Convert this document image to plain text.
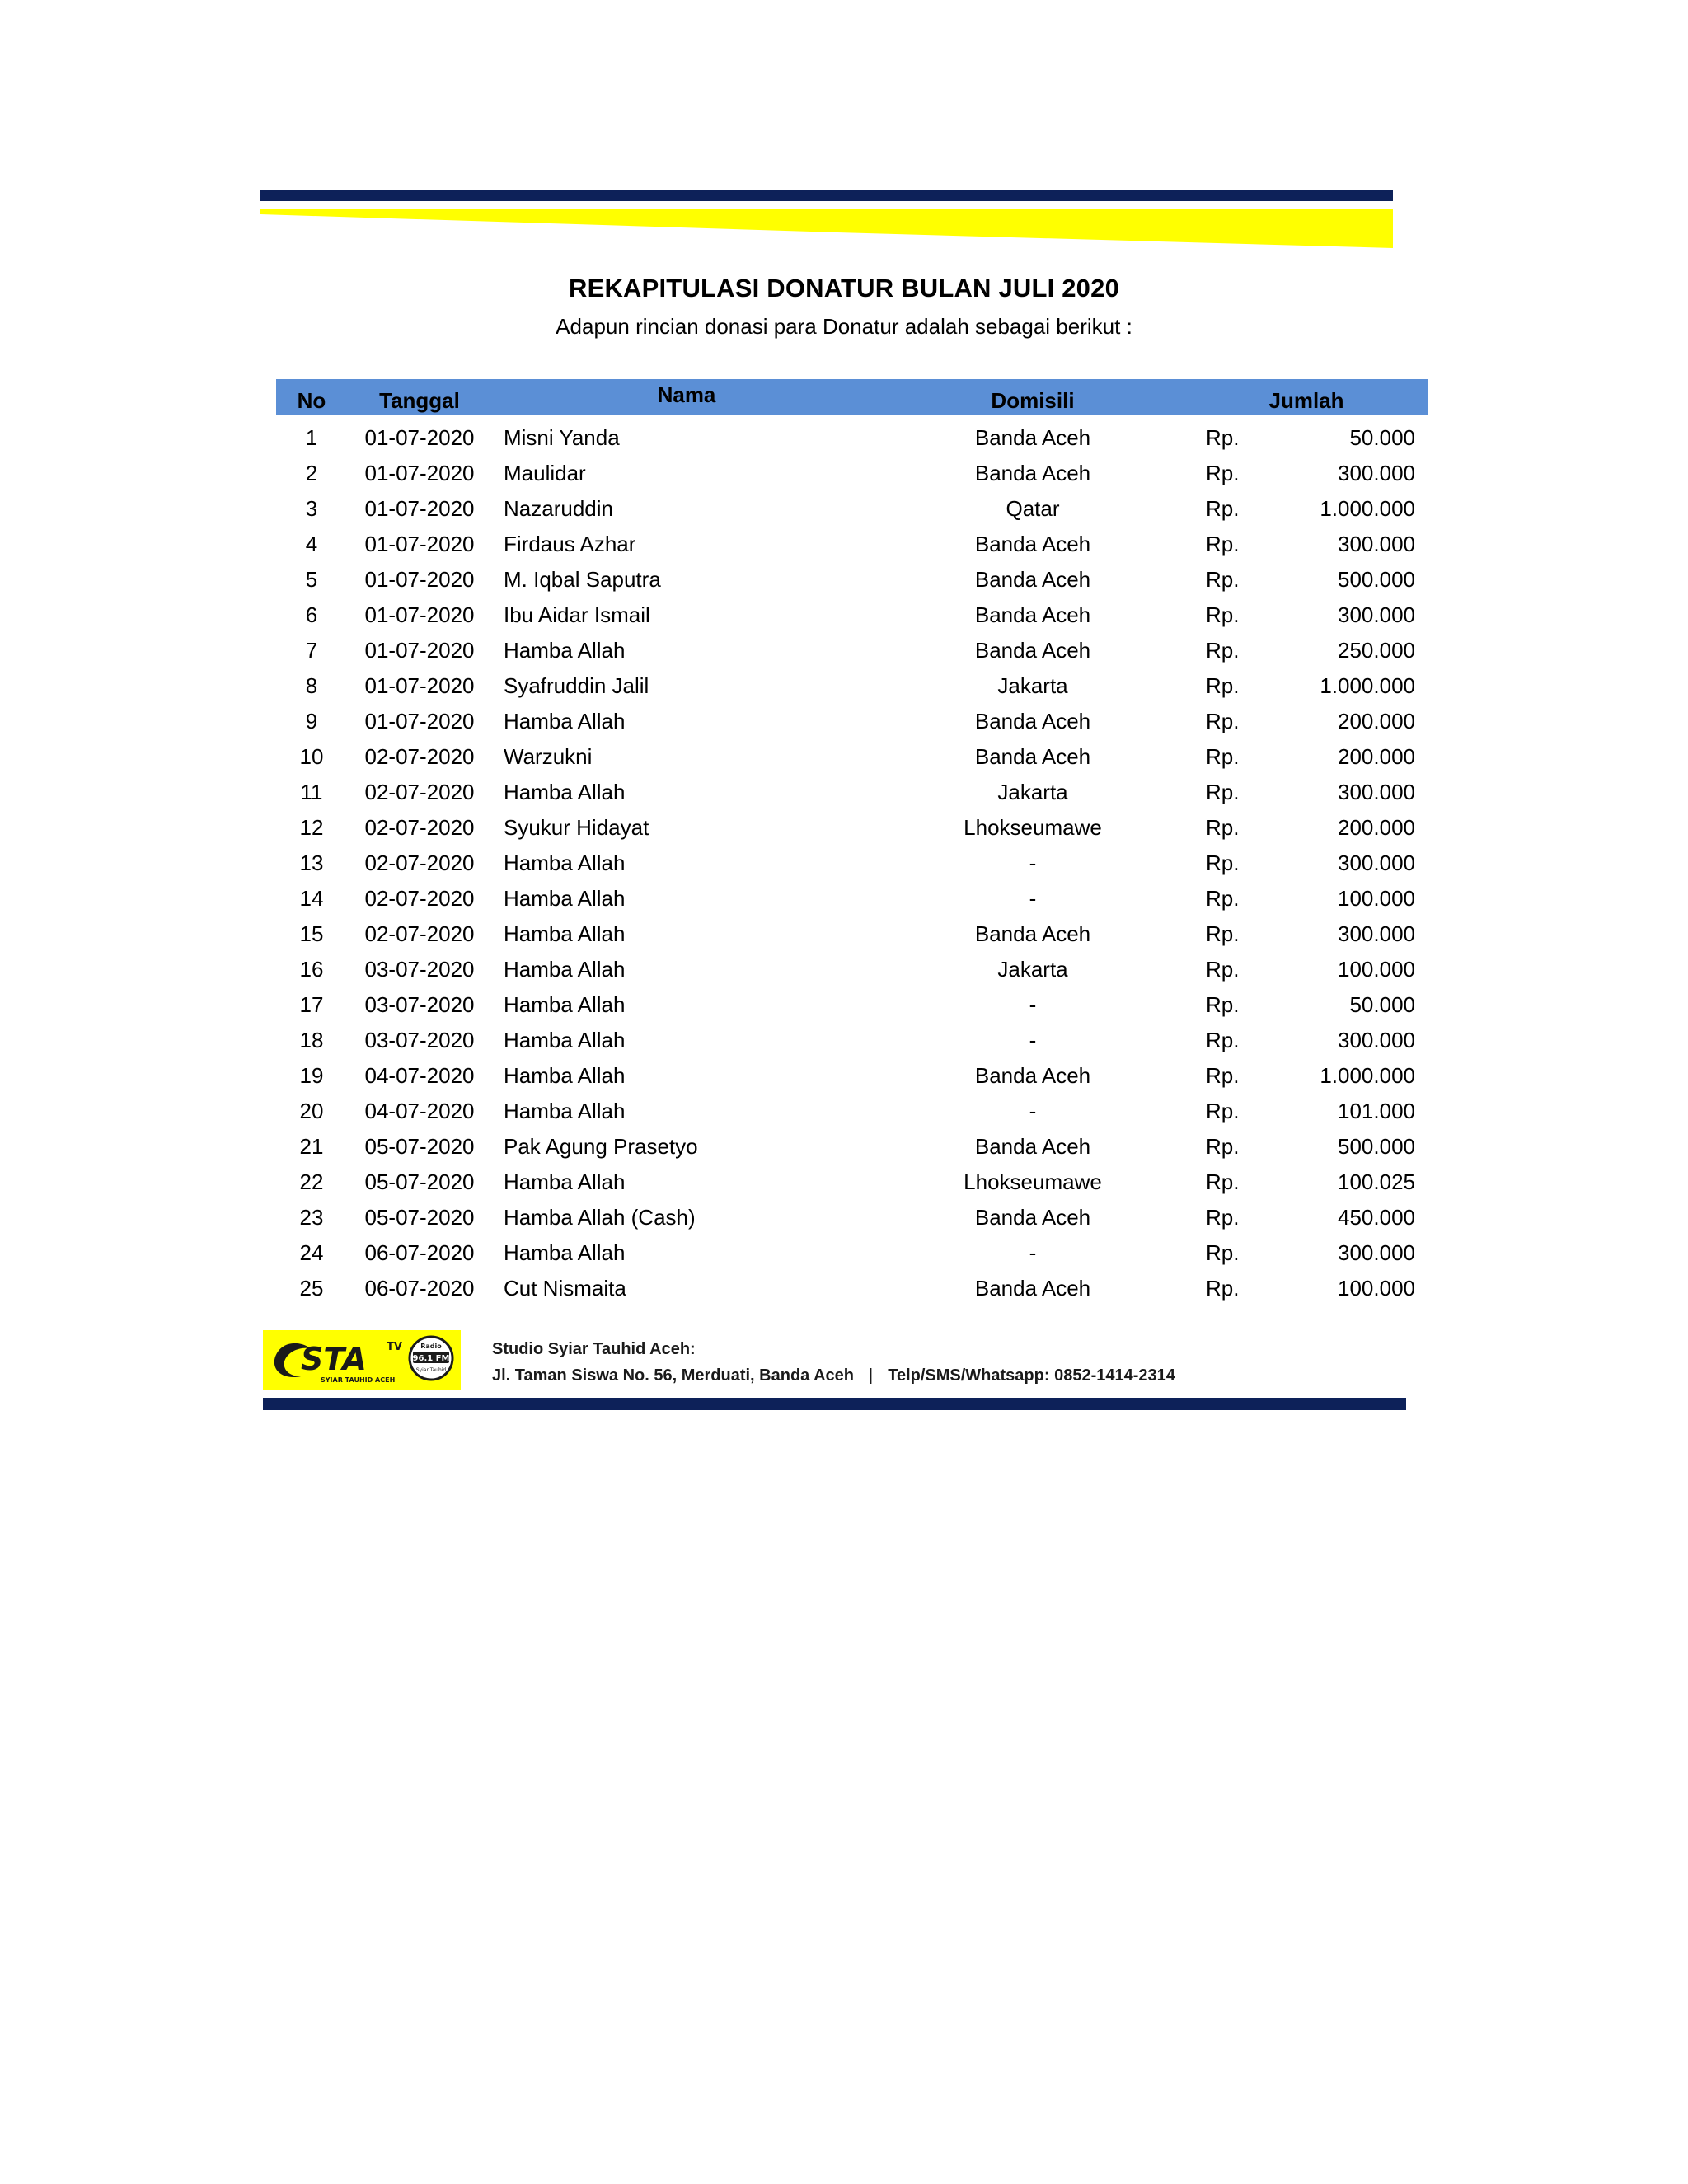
REKAPITULASI DONATUR BULAN JULI 2020
Adapun rincian donasi para Donatur adalah sebagai berikut :
No	Tanggal	Nama	Domisili	Jumlah	
1	01-07-2020	Misni Yanda	Banda Aceh	Rp.	50.000
2	01-07-2020	Maulidar	Banda Aceh	Rp.	300.000
3	01-07-2020	Nazaruddin	Qatar	Rp.	1.000.000
4	01-07-2020	Firdaus Azhar	Banda Aceh	Rp.	300.000
5	01-07-2020	M. Iqbal Saputra	Banda Aceh	Rp.	500.000
6	01-07-2020	Ibu Aidar Ismail	Banda Aceh	Rp.	300.000
7	01-07-2020	Hamba Allah	Banda Aceh	Rp.	250.000
8	01-07-2020	Syafruddin Jalil	Jakarta	Rp.	1.000.000
9	01-07-2020	Hamba Allah	Banda Aceh	Rp.	200.000
10	02-07-2020	Warzukni	Banda Aceh	Rp.	200.000
11	02-07-2020	Hamba Allah	Jakarta	Rp.	300.000
12	02-07-2020	Syukur Hidayat	Lhokseumawe	Rp.	200.000
13	02-07-2020	Hamba Allah	-	Rp.	300.000
14	02-07-2020	Hamba Allah	-	Rp.	100.000
15	02-07-2020	Hamba Allah	Banda Aceh	Rp.	300.000
16	03-07-2020	Hamba Allah	Jakarta	Rp.	100.000
17	03-07-2020	Hamba Allah	-	Rp.	50.000
18	03-07-2020	Hamba Allah	-	Rp.	300.000
19	04-07-2020	Hamba Allah	Banda Aceh	Rp.	1.000.000
20	04-07-2020	Hamba Allah	-	Rp.	101.000
21	05-07-2020	Pak Agung Prasetyo	Banda Aceh	Rp.	500.000
22	05-07-2020	Hamba Allah	Lhokseumawe	Rp.	100.025
23	05-07-2020	Hamba Allah (Cash)	Banda Aceh	Rp.	450.000
24	06-07-2020	Hamba Allah	-	Rp.	300.000
25	06-07-2020	Cut Nismaita	Banda Aceh	Rp.	100.000
STA TV
SYIAR TAUHID ACEH
Radio
96.1 FM
Syiar Tauhid
Studio Syiar Tauhid Aceh:
Jl. Taman Siswa No. 56, Merduati, Banda Aceh | Telp/SMS/Whatsapp: 0852-1414-2314
